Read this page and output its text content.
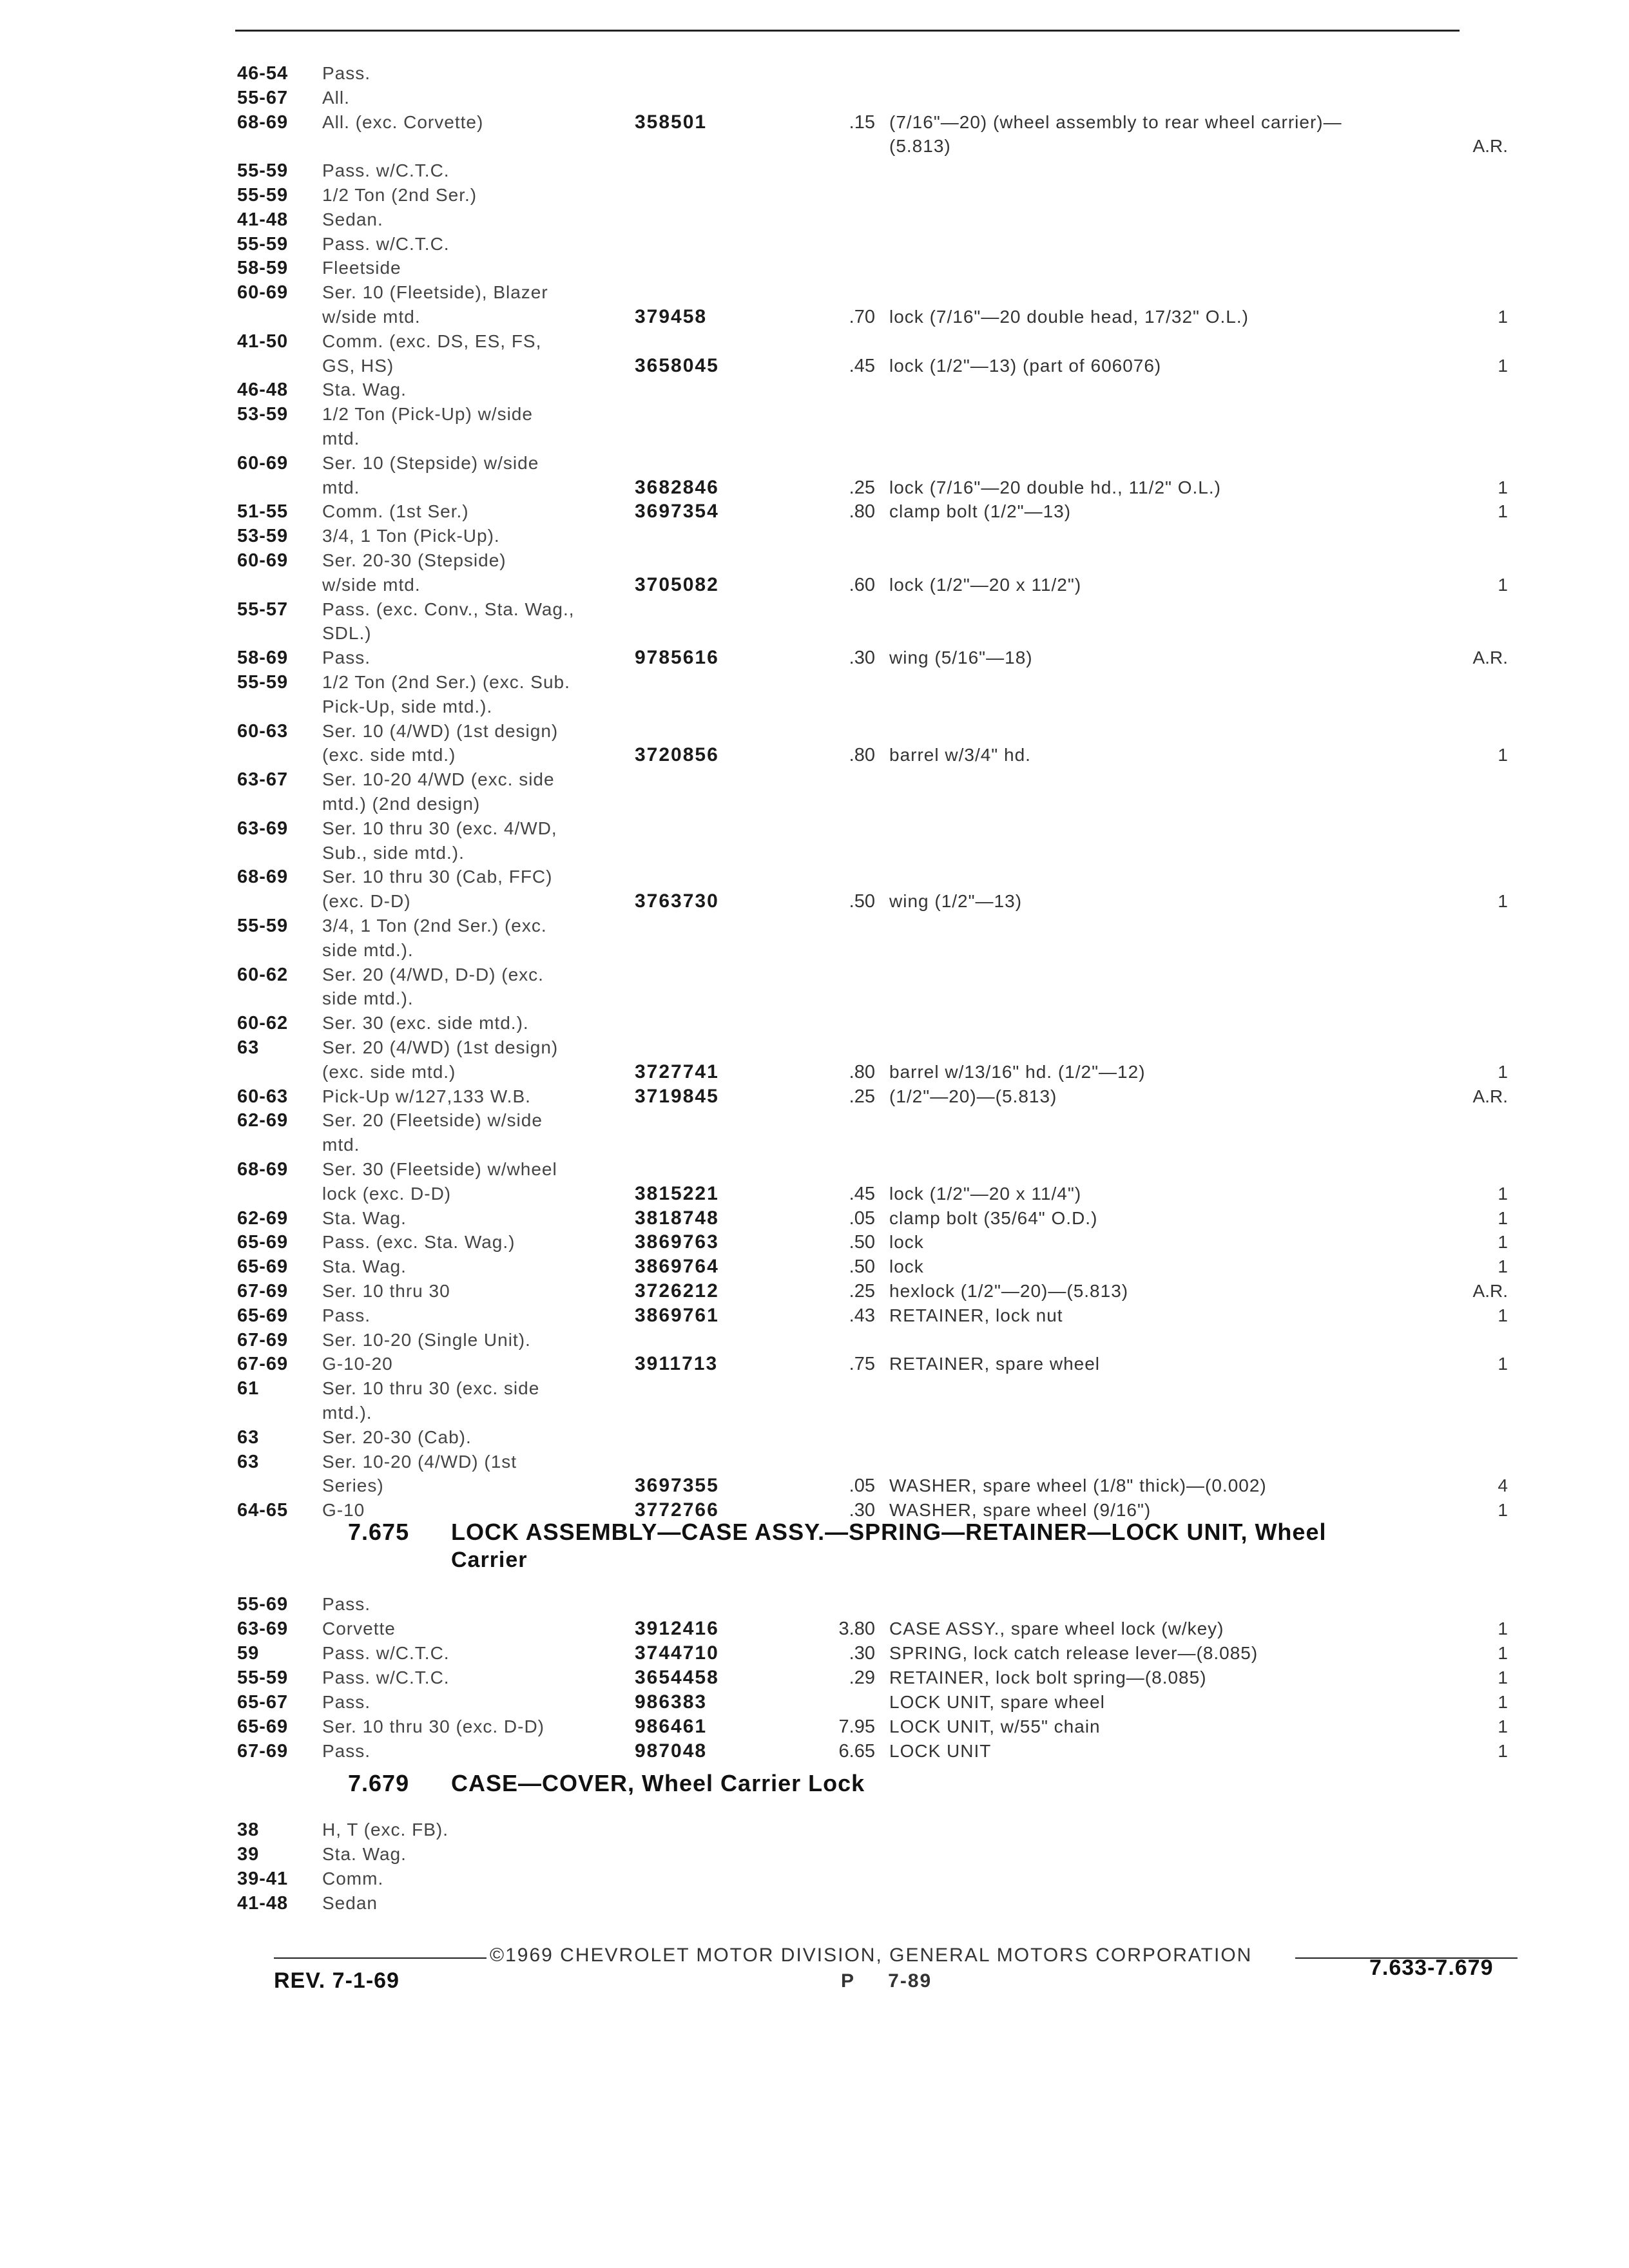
46-54	Pass.
55-67	All.
68-69	All. (exc. Corvette)	358501	.15 (7/16"—20) (wheel assembly to rear wheel carrier)—
(5.813)	A.R.
55-59	Pass. w/C.T.C.
55-59	1/2 Ton (2nd Ser.)
41-48	Sedan.
55-59	Pass. w/C.T.C.
58-59	Fleetside
60-69	Ser. 10 (Fleetside), Blazer
w/side mtd.	379458	.70 lock (7/16"—20 double head, 17/32" O.L.)	1
41-50	Comm. (exc. DS, ES, FS,
GS, HS)	3658045	.45 lock (1/2"—13) (part of 606076)	1
46-48	Sta. Wag.
53-59	1/2 Ton (Pick-Up) w/side
mtd.
60-69	Ser. 10 (Stepside) w/side
mtd.	3682846	.25 lock (7/16"—20 double hd., 11/2" O.L.)	1
51-55	Comm. (1st Ser.)	3697354	.80 clamp bolt (1/2"—13)	1
53-59	3/4, 1 Ton (Pick-Up).
60-69	Ser. 20-30 (Stepside)
w/side mtd.	3705082	.60 lock (1/2"—20 x 11/2")	1
55-57	Pass. (exc. Conv., Sta. Wag.,
SDL.)
58-69	Pass.	9785616	.30 wing (5/16"—18)	A.R.
55-59	1/2 Ton (2nd Ser.) (exc. Sub.
Pick-Up, side mtd.).
60-63	Ser. 10 (4/WD) (1st design)
(exc. side mtd.)	3720856	.80 barrel w/3/4" hd.	1
63-67	Ser. 10-20 4/WD (exc. side
mtd.) (2nd design)
63-69	Ser. 10 thru 30 (exc. 4/WD,
Sub., side mtd.).
68-69	Ser. 10 thru 30 (Cab, FFC)
(exc. D-D)	3763730	.50 wing (1/2"—13)	1
55-59	3/4, 1 Ton (2nd Ser.) (exc.
side mtd.).
60-62	Ser. 20 (4/WD, D-D) (exc.
side mtd.).
60-62	Ser. 30 (exc. side mtd.).
63	Ser. 20 (4/WD) (1st design)
(exc. side mtd.)	3727741	.80 barrel w/13/16" hd. (1/2"—12)	1
60-63	Pick-Up w/127,133 W.B.	3719845	.25 (1/2"—20)—(5.813)	A.R.
62-69	Ser. 20 (Fleetside) w/side
mtd.
68-69	Ser. 30 (Fleetside) w/wheel
lock (exc. D-D)	3815221	.45 lock (1/2"—20 x 11/4")	1
62-69	Sta. Wag.	3818748	.05 clamp bolt (35/64" O.D.)	1
65-69	Pass. (exc. Sta. Wag.)	3869763	.50 lock	1
65-69	Sta. Wag.	3869764	.50 lock	1
67-69	Ser. 10 thru 30	3726212	.25 hexlock (1/2"—20)—(5.813)	A.R.
65-69	Pass.	3869761	.43 RETAINER, lock nut	1
67-69	Ser. 10-20 (Single Unit).
67-69	G-10-20	3911713	.75 RETAINER, spare wheel	1
61	Ser. 10 thru 30 (exc. side
mtd.).
63	Ser. 20-30 (Cab).
63	Ser. 10-20 (4/WD) (1st
Series)	3697355	.05 WASHER, spare wheel (1/8" thick)—(0.002)	4
64-65	G-10	3772766	.30 WASHER, spare wheel (9/16")	1
7.675 LOCK ASSEMBLY—CASE ASSY.—SPRING—RETAINER—LOCK UNIT, Wheel
Carrier
55-69	Pass.
63-69	Corvette	3912416	3.80 CASE ASSY., spare wheel lock (w/key)	1
59	Pass. w/C.T.C.	3744710	.30 SPRING, lock catch release lever—(8.085)	1
55-59	Pass. w/C.T.C.	3654458	.29 RETAINER, lock bolt spring—(8.085)	1
65-67	Pass.	986383	LOCK UNIT, spare wheel	1
65-69	Ser. 10 thru 30 (exc. D-D)	986461	7.95 LOCK UNIT, w/55" chain	1
67-69	Pass.	987048	6.65 LOCK UNIT	1
7.679 CASE—COVER, Wheel Carrier Lock
38	H, T (exc. FB).
39	Sta. Wag.
39-41	Comm.
41-48	Sedan
©1969 CHEVROLET MOTOR DIVISION, GENERAL MOTORS CORPORATION
REV. 7-1-69	P     7-89
7.633-7.679
